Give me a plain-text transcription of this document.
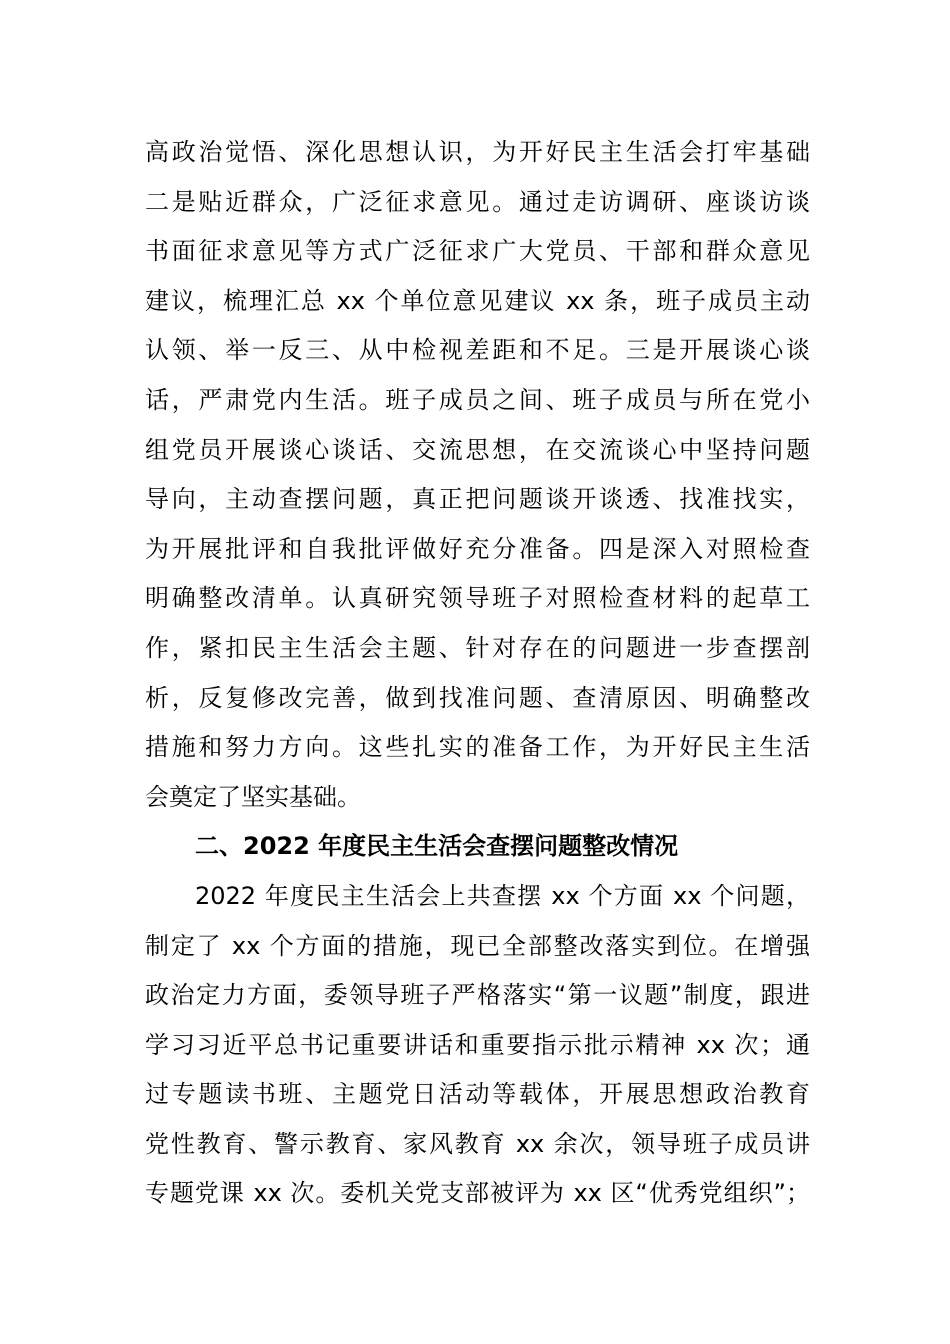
高政治觉悟、深化思想认识，为开好民主生活会打牢基础
二是贴近群众，广泛征求意见。通过走访调研、座谈访谈
书面征求意见等方式广泛征求广大党员、干部和群众意见
建议，梳理汇总 xx 个单位意见建议 xx 条，班子成员主动
认领、举一反三、从中检视差距和不足。三是开展谈心谈
话，严肃党内生活。班子成员之间、班子成员与所在党小
组党员开展谈心谈话、交流思想，在交流谈心中坚持问题
导向，主动查摆问题，真正把问题谈开谈透、找准找实，
为开展批评和自我批评做好充分准备。四是深入对照检查
明确整改清单。认真研究领导班子对照检查材料的起草工
作，紧扣民主生活会主题、针对存在的问题进一步查摆剖
析，反复修改完善，做到找准问题、查清原因、明确整改
措施和努力方向。这些扎实的准备工作，为开好民主生活
会奠定了坚实基础。
二、2022 年度民主生活会查摆问题整改情况
2022 年度民主生活会上共查摆 xx 个方面 xx 个问题，
制定了 xx 个方面的措施，现已全部整改落实到位。在增强
政治定力方面，委领导班子严格落实“第一议题”制度，跟进
学习习近平总书记重要讲话和重要指示批示精神 xx 次；通
过专题读书班、主题党日活动等载体，开展思想政治教育
党性教育、警示教育、家风教育 xx 余次，领导班子成员讲
专题党课 xx 次。委机关党支部被评为 xx 区“优秀党组织”；
